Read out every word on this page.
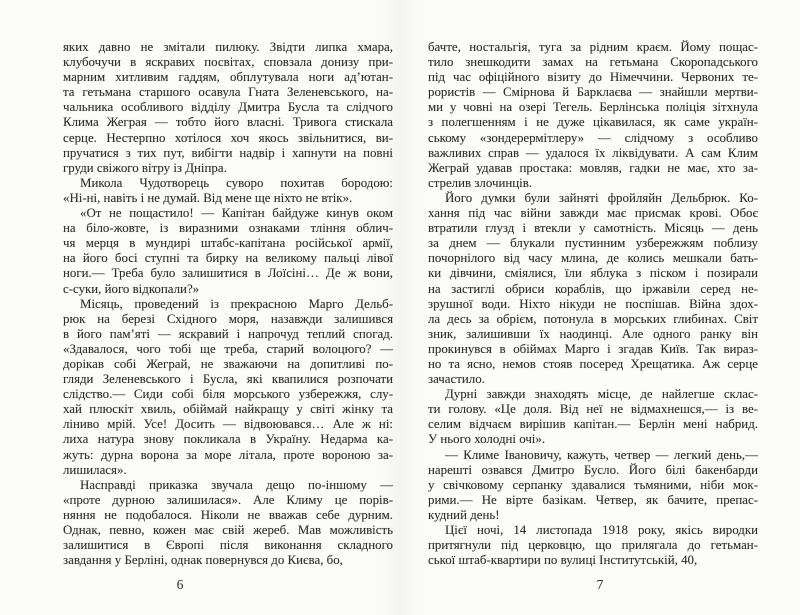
яких давно не змітали пилюку. Звідти липка хмара,
клубочучи в яскравих посвітах, сповзала донизу при-
марним хитливим гаддям, обплутувала ноги ад’ютан-
та гетьмана старшого осавула Гната Зеленевського, на-
чальника особливого відділу Дмитра Бусла та слідчого
Клима Жеграя — тобто його власні. Тривога стискала
серце. Нестерпно хотілося хоч якось звільнитися, ви-
пручатися з тих пут, вибігти надвір і хапнути на повні
груди свіжого вітру із Дніпра.
Микола Чудотворець суворо похитав бородою:
«Ні-ні, навіть і не думай. Від мене ще ніхто не втік».
«От не пощастило! — Капітан байдуже кинув оком
на біло-жовте, із виразними ознаками тління облич-
чя мерця в мундирі штабс-капітана російської армії,
на його босі ступні та бирку на великому пальці лівої
ноги.— Треба було залишитися в Лоїсіні… Де ж вони,
с-суки, його відкопали?»
Місяць, проведений із прекрасною Марго Дельб-
рюк на березі Східного моря, назавжди залишився
в його пам’яті — яскравий і напрочуд теплий спогад.
«Здавалося, чого тобі ще треба, старий волоцюго? —
дорікав собі Жеграй, не зважаючи на допитливі по-
гляди Зеленевського і Бусла, які квапилися розпочати
слідство.— Сиди собі біля морського узбережжя, слу-
хай плюскіт хвиль, обіймай найкращу у світі жінку та
ліниво мрій. Усе! Досить — відвоювався… Але ж ні:
лиха натура знову покликала в Україну. Недарма ка-
жуть: дурна ворона за море літала, проте вороною за-
лишилася».
Насправді приказка звучала дещо по-іншому —
«проте дурною залишилася». Але Климу це порів-
няння не подобалося. Ніколи не вважав себе дурним.
Однак, певно, кожен має свій жереб. Мав можливість
залишитися в Європі після виконання складного
завдання у Берліні, однак повернувся до Києва, бо,
6
бачте, ностальгія, туга за рідним краєм. Йому пощас-
тило знешкодити замах на гетьмана Скоропадського
під час офіційного візиту до Німеччини. Червоних те-
рористів — Смірнова й Барклаєва — знайшли мертви-
ми у човні на озері Тегель. Берлінська поліція зітхнула
з полегшенням і не дуже цікавилася, як саме україн-
ському «зондерермітлеру» — слідчому з особливо
важливих справ — удалося їх ліквідувати. А сам Клим
Жеграй удавав простака: мовляв, гадки не має, хто за-
стрелив злочинців.
Його думки були зайняті фройляйн Дельбрюк. Ко-
хання під час війни завжди має присмак крові. Обоє
втратили глузд і втекли у самотність. Місяць — день
за днем — блукали пустинним узбережжям поблизу
почорнілого від часу млина, де колись мешкали бать-
ки дівчини, сміялися, їли яблука з піском і позирали
на застиглі обриси кораблів, що іржавіли серед не-
зрушної води. Ніхто нікуди не поспішав. Війна здох-
ла десь за обрієм, потонула в морських глибинах. Світ
зник, залишивши їх наодинці. Але одного ранку він
прокинувся в обіймах Марго і згадав Київ. Так вираз-
но та ясно, немов стояв посеред Хрещатика. Аж серце
зачастило.
Дурні завжди знаходять місце, де найлегше склас-
ти голову. «Це доля. Від неї не відмахнешся,— із ве-
селим відчаєм вирішив капітан.— Берлін мені набрид.
У нього холодні очі».
— Климе Івановичу, кажуть, четвер — легкий день,—
нарешті озвався Дмитро Бусло. Його білі бакенбарди
у свічковому серпанку здавалися тьмяними, ніби мок-
рими.— Не вірте базікам. Четвер, як бачите, препас-
кудний день!
Цієї ночі, 14 листопада 1918 року, якісь виродки
притягнули під церковцю, що прилягала до гетьман-
ської штаб-квартири по вулиці Інститутській, 40,
7
